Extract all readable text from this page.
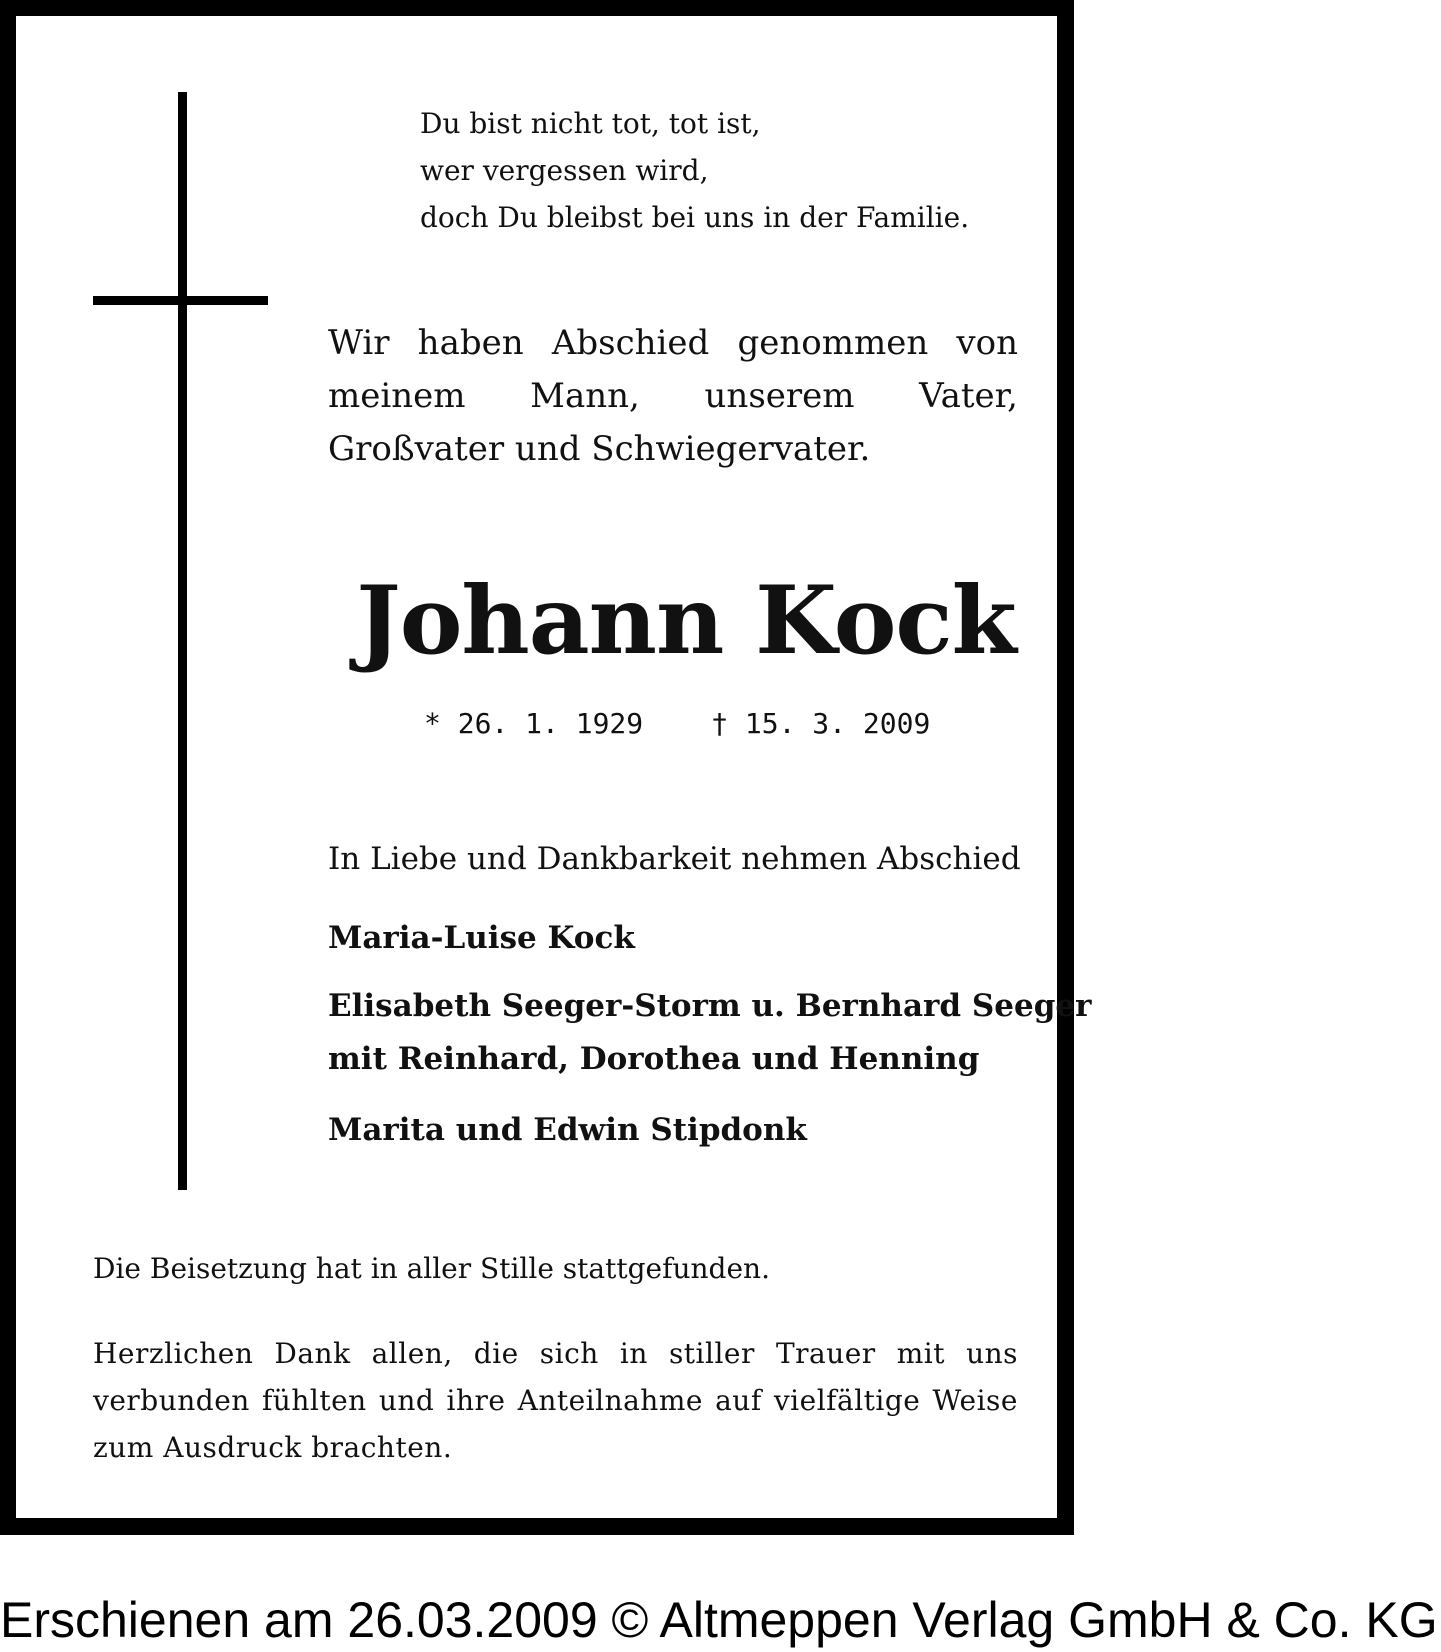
Du bist nicht tot, tot ist,
wer vergessen wird,
doch Du bleibst bei uns in der Familie.
Wir haben Abschied genommen von meinem Mann, unserem Vater, Großvater und Schwiegervater.
Johann Kock
* 26. 1. 1929 † 15. 3. 2009
In Liebe und Dankbarkeit nehmen Abschied
Maria-Luise Kock
Elisabeth Seeger-Storm u. Bernhard Seeger
mit Reinhard, Dorothea und Henning
Marita und Edwin Stipdonk
Die Beisetzung hat in aller Stille stattgefunden.
Herzlichen Dank allen, die sich in stiller Trauer mit uns verbunden fühlten und ihre Anteilnahme auf vielfältige Weise zum Ausdruck brachten.
Erschienen am 26.03.2009 © Altmeppen Verlag GmbH & Co. KG
